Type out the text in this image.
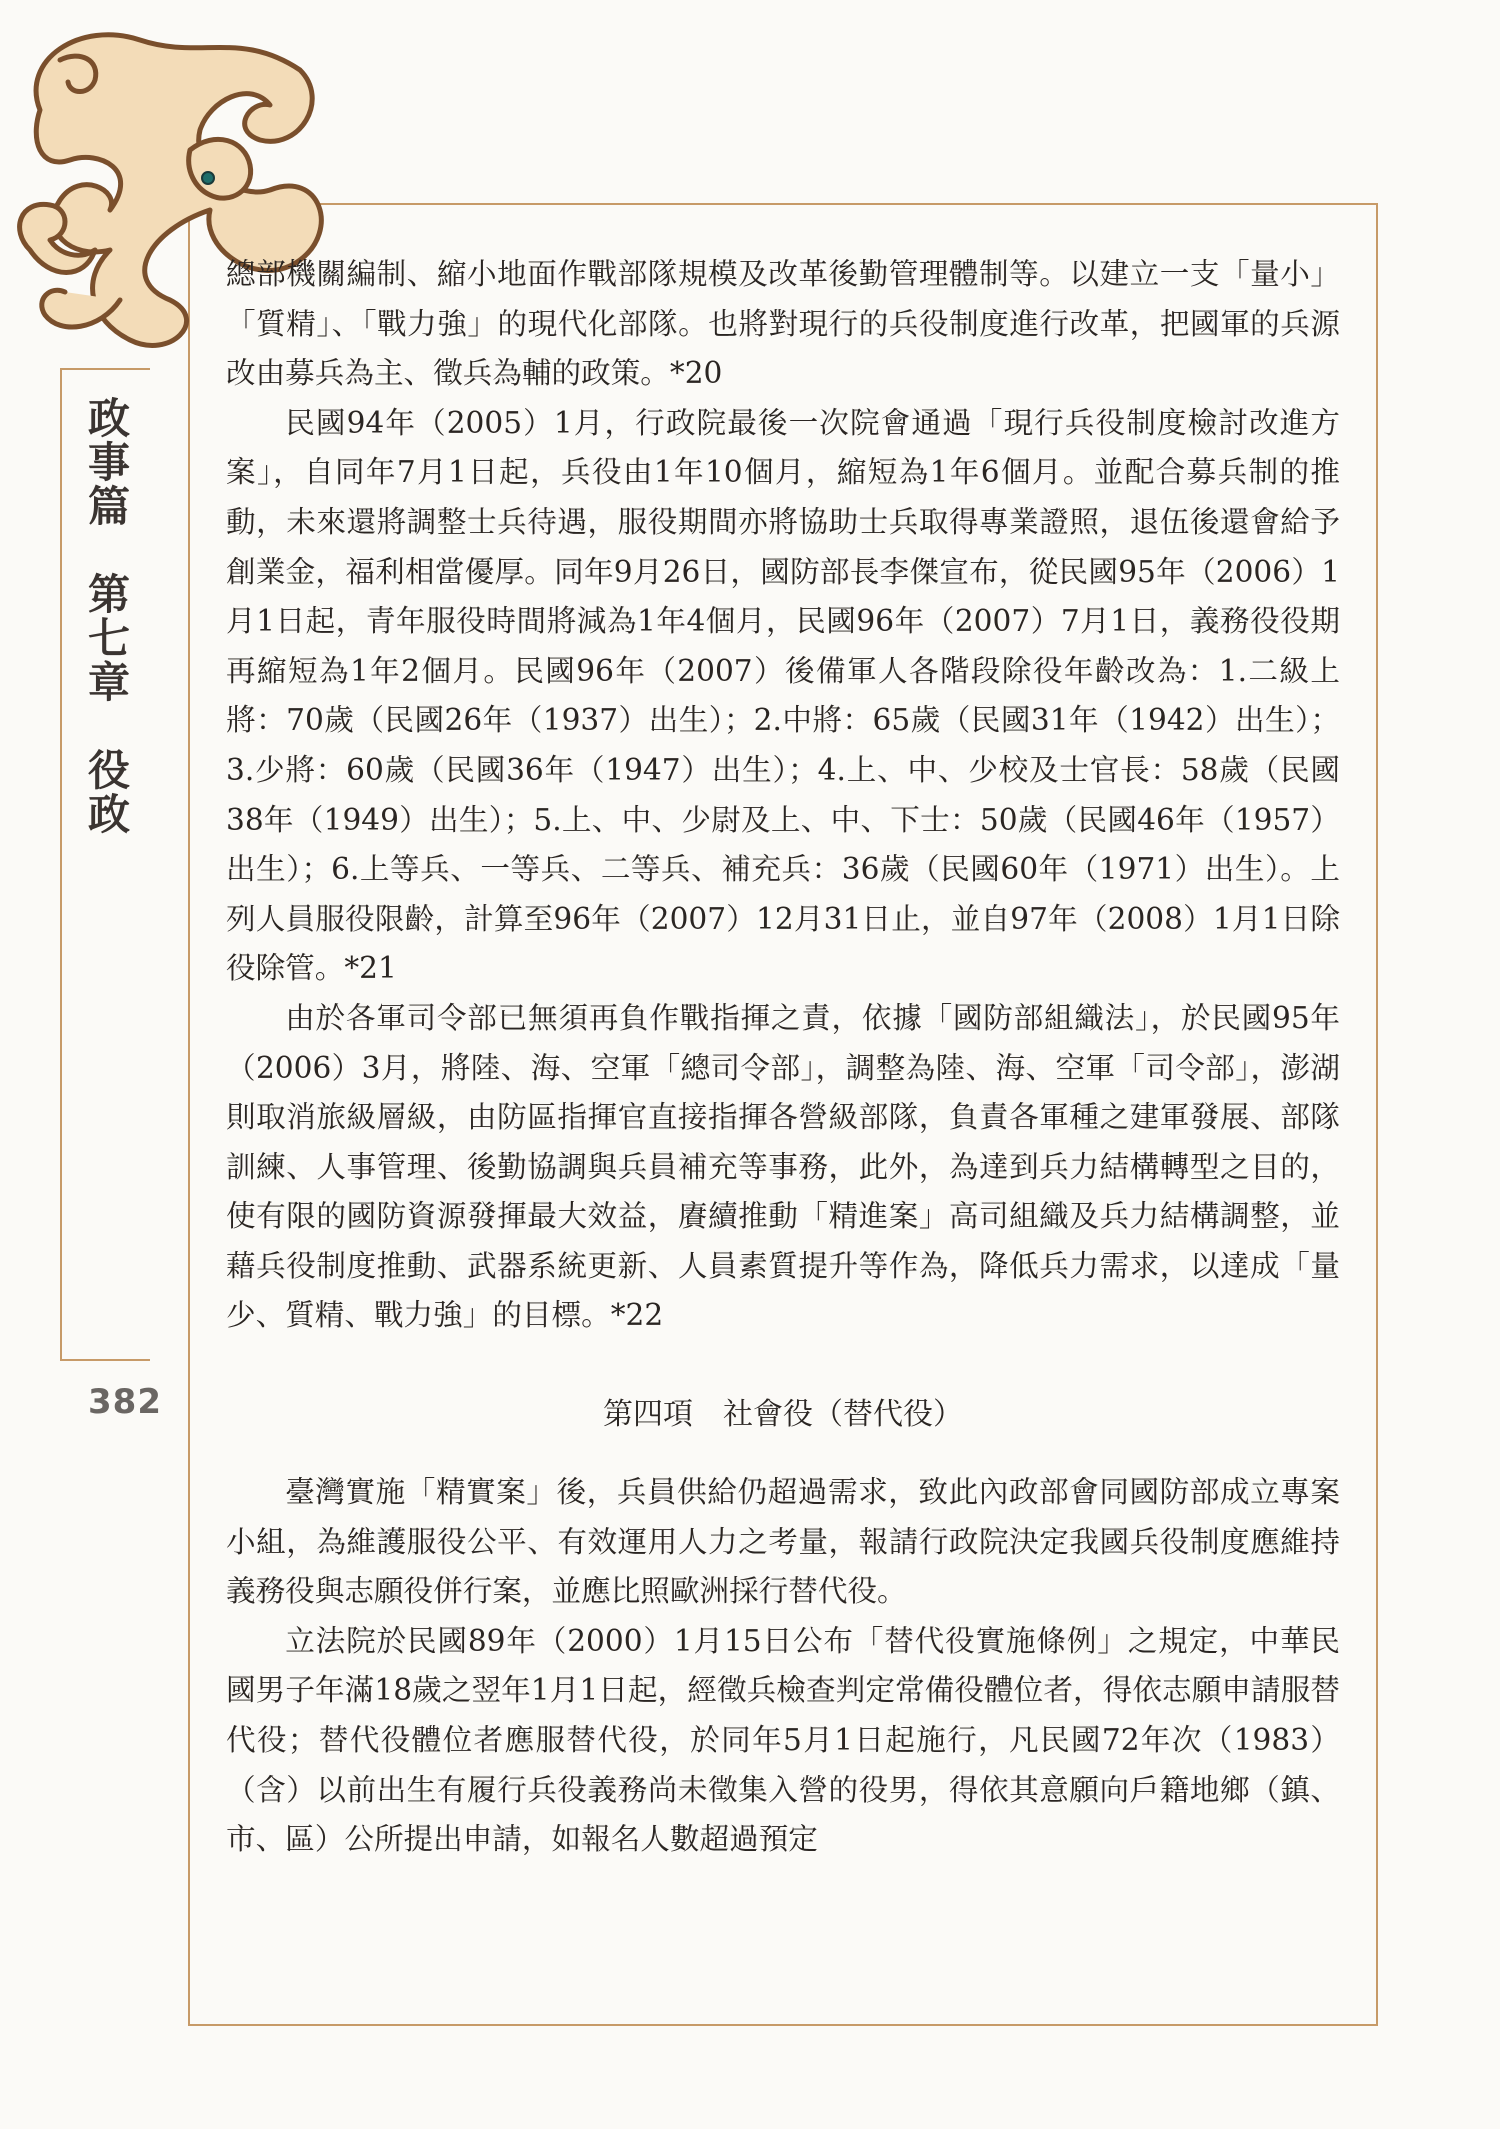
政事篇　第七章　役政
382

總部機關編制、縮小地面作戰部隊規模及改革後勤管理體制等。以建立一支「量小」「質精」、「戰力強」的現代化部隊。也將對現行的兵役制度進行改革，把國軍的兵源改由募兵為主、徵兵為輔的政策。*20

民國94年（2005）1月，行政院最後一次院會通過「現行兵役制度檢討改進方案」，自同年7月1日起，兵役由1年10個月，縮短為1年6個月。並配合募兵制的推動，未來還將調整士兵待遇，服役期間亦將協助士兵取得專業證照，退伍後還會給予創業金，福利相當優厚。同年9月26日，國防部長李傑宣布，從民國95年（2006）1月1日起，青年服役時間將減為1年4個月，民國96年（2007）7月1日，義務役役期再縮短為1年2個月。民國96年（2007）後備軍人各階段除役年齡改為：1.二級上將：70歲（民國26年（1937）出生）；2.中將：65歲（民國31年（1942）出生）；3.少將：60歲（民國36年（1947）出生）；4.上、中、少校及士官長：58歲（民國38年（1949）出生）；5.上、中、少尉及上、中、下士：50歲（民國46年（1957）出生）；6.上等兵、一等兵、二等兵、補充兵：36歲（民國60年（1971）出生）。上列人員服役限齡，計算至96年（2007）12月31日止，並自97年（2008）1月1日除役除管。*21

由於各軍司令部已無須再負作戰指揮之責，依據「國防部組織法」，於民國95年（2006）3月，將陸、海、空軍「總司令部」，調整為陸、海、空軍「司令部」，澎湖則取消旅級層級，由防區指揮官直接指揮各營級部隊，負責各軍種之建軍發展、部隊訓練、人事管理、後勤協調與兵員補充等事務，此外，為達到兵力結構轉型之目的，使有限的國防資源發揮最大效益，賡續推動「精進案」高司組織及兵力結構調整，並藉兵役制度推動、武器系統更新、人員素質提升等作為，降低兵力需求，以達成「量少、質精、戰力強」的目標。*22

第四項　社會役（替代役）

臺灣實施「精實案」後，兵員供給仍超過需求，致此內政部會同國防部成立專案小組，為維護服役公平、有效運用人力之考量，報請行政院決定我國兵役制度應維持義務役與志願役併行案，並應比照歐洲採行替代役。

立法院於民國89年（2000）1月15日公布「替代役實施條例」之規定，中華民國男子年滿18歲之翌年1月1日起，經徵兵檢查判定常備役體位者，得依志願申請服替代役；替代役體位者應服替代役，於同年5月1日起施行，凡民國72年次（1983）（含）以前出生有履行兵役義務尚未徵集入營的役男，得依其意願向戶籍地鄉（鎮、市、區）公所提出申請，如報名人數超過預定
